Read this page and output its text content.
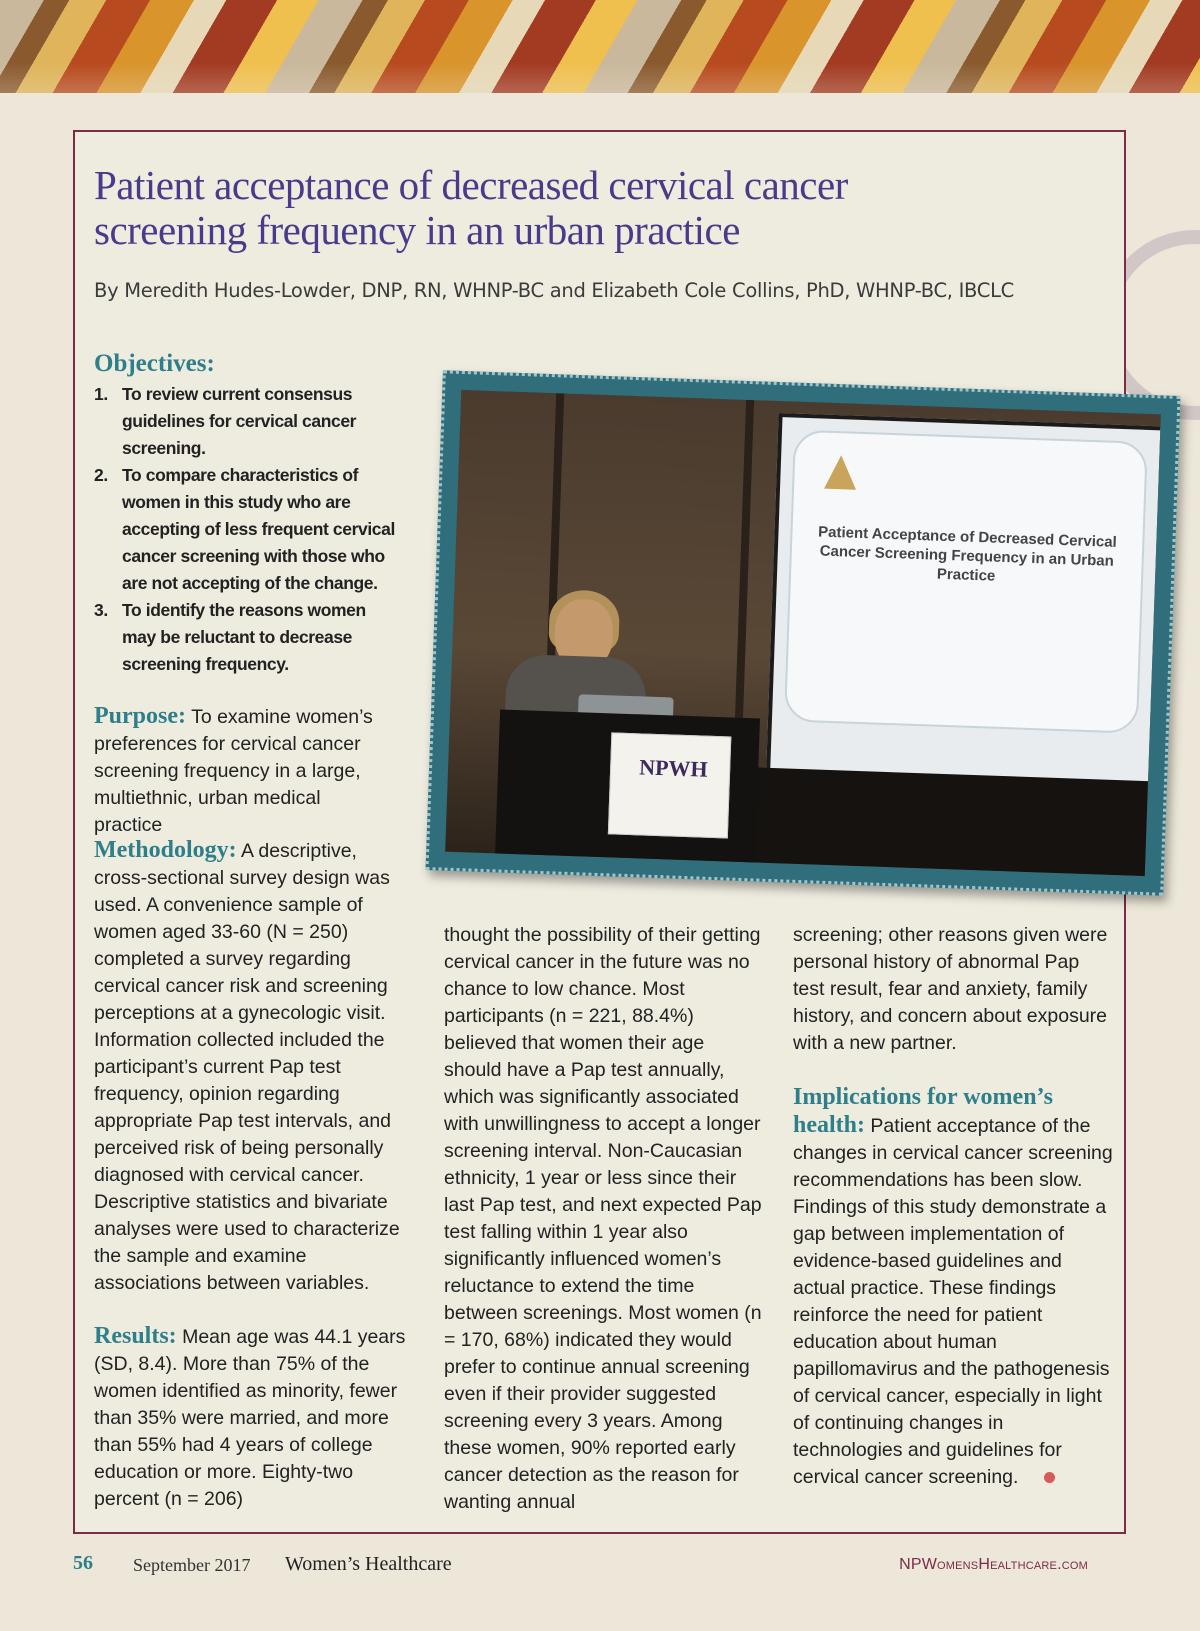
Patient acceptance of decreased cervical cancer screening frequency in an urban practice

By Meredith Hudes-Lowder, DNP, RN, WHNP-BC and Elizabeth Cole Collins, PhD, WHNP-BC, IBCLC

Objectives:
1. To review current consensus guidelines for cervical cancer screening.
2. To compare characteristics of women in this study who are accepting of less frequent cervical cancer screening with those who are not accepting of the change.
3. To identify the reasons women may be reluctant to decrease screening frequency.

Purpose: To examine women’s preferences for cervical cancer screening frequency in a large, multiethnic, urban medical practice

Methodology: A descriptive, cross-sectional survey design was used. A convenience sample of women aged 33-60 (N = 250) completed a survey regarding cervical cancer risk and screening perceptions at a gynecologic visit. Information collected included the participant’s current Pap test frequency, opinion regarding appropriate Pap test intervals, and perceived risk of being personally diagnosed with cervical cancer. Descriptive statistics and bivariate analyses were used to characterize the sample and examine associations between variables.

Results: Mean age was 44.1 years (SD, 8.4). More than 75% of the women identified as minority, fewer than 35% were married, and more than 55% had 4 years of college education or more. Eighty-two percent (n = 206)

Patient Acceptance of Decreased Cervical Cancer Screening Frequency in an Urban Practice
NPWH

thought the possibility of their getting cervical cancer in the future was no chance to low chance. Most participants (n = 221, 88.4%) believed that women their age should have a Pap test annually, which was significantly associated with unwillingness to accept a longer screening interval. Non-Caucasian ethnicity, 1 year or less since their last Pap test, and next expected Pap test falling within 1 year also significantly influenced women’s reluctance to extend the time between screenings. Most women (n = 170, 68%) indicated they would prefer to continue annual screening even if their provider suggested screening every 3 years. Among these women, 90% reported early cancer detection as the reason for wanting annual

screening; other reasons given were personal history of abnormal Pap test result, fear and anxiety, family history, and concern about exposure with a new partner.

Implications for women’s health: Patient acceptance of the changes in cervical cancer screening recommendations has been slow. Findings of this study demonstrate a gap between implementation of evidence-based guidelines and actual practice. These findings reinforce the need for patient education about human papillomavirus and the pathogenesis of cervical cancer, especially in light of continuing changes in technologies and guidelines for cervical cancer screening.

56 September 2017 Women’s Healthcare	NPWomensHealthcare.com
